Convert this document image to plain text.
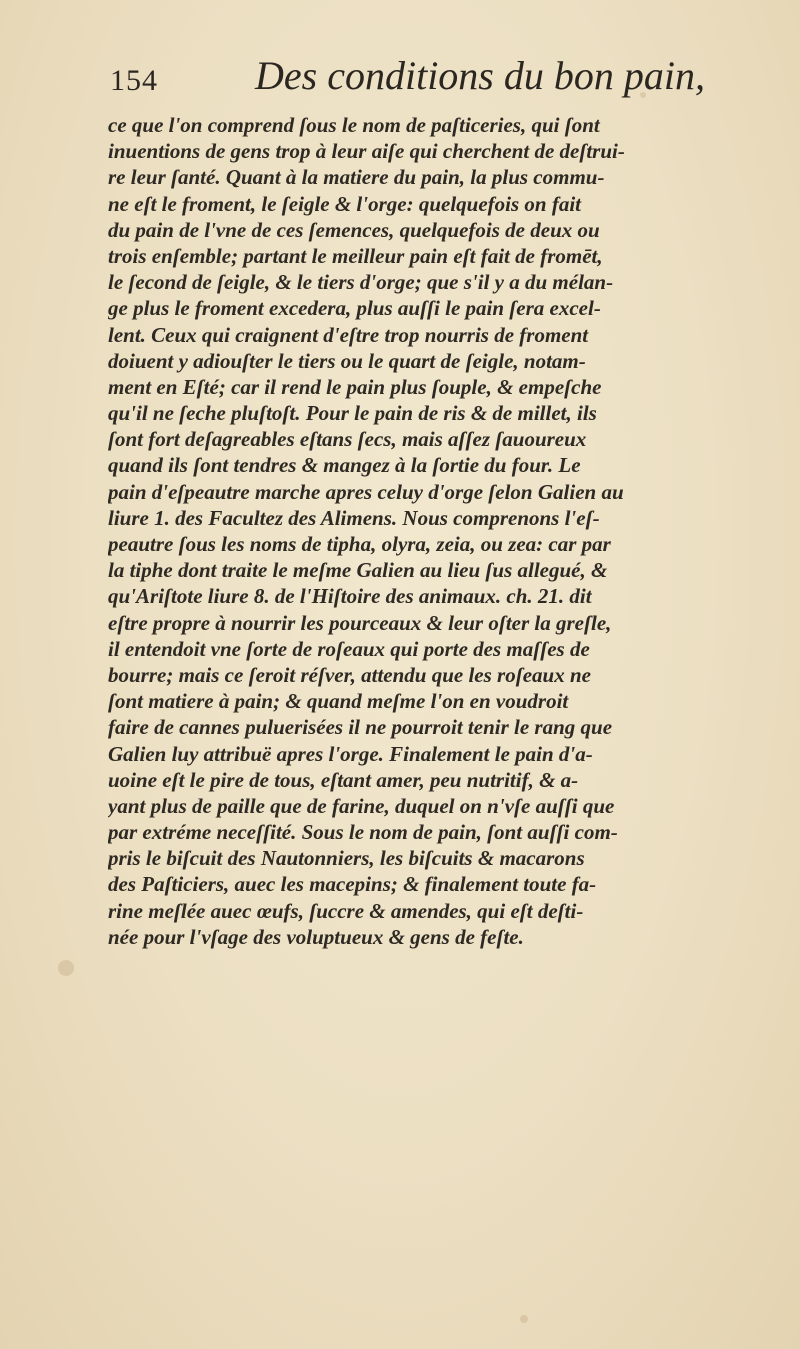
154 Des conditions du bon pain,
ce que l'on comprend ſous le nom de paſticeries, qui ſont
inuentions de gens trop à leur aiſe qui cherchent de deſtrui-
re leur ſanté. Quant à la matiere du pain, la plus commu-
ne eſt le froment, le ſeigle & l'orge: quelquefois on fait
du pain de l'vne de ces ſemences, quelquefois de deux ou
trois enſemble; partant le meilleur pain eſt fait de fromēt,
le ſecond de ſeigle, & le tiers d'orge; que s'il y a du mélan-
ge plus le froment excedera, plus auſſi le pain ſera excel-
lent. Ceux qui craignent d'eſtre trop nourris de froment
doiuent y adiouſter le tiers ou le quart de ſeigle, notam-
ment en Eſté; car il rend le pain plus ſouple, & empeſche
qu'il ne ſeche pluſtoſt. Pour le pain de ris & de millet, ils
ſont fort deſagreables eſtans ſecs, mais aſſez ſauoureux
quand ils ſont tendres & mangez à la ſortie du four. Le
pain d'eſpeautre marche apres celuy d'orge ſelon Galien au
liure 1. des Facultez des Alimens. Nous comprenons l'eſ-
peautre ſous les noms de tipha, olyra, zeia, ou zea: car par
la tiphe dont traite le meſme Galien au lieu ſus allegué, &
qu'Ariſtote liure 8. de l'Hiſtoire des animaux. ch. 21. dit
eſtre propre à nourrir les pourceaux & leur oſter la greſle,
il entendoit vne ſorte de roſeaux qui porte des maſſes de
bourre; mais ce ſeroit réſver, attendu que les roſeaux ne
ſont matiere à pain; & quand meſme l'on en voudroit
faire de cannes puluerisées il ne pourroit tenir le rang que
Galien luy attribuë apres l'orge. Finalement le pain d'a-
uoine eſt le pire de tous, eſtant amer, peu nutritif, & a-
yant plus de paille que de farine, duquel on n'vſe auſſi que
par extréme neceſſité. Sous le nom de pain, ſont auſſi com-
pris le biſcuit des Nautonniers, les biſcuits & macarons
des Paſticiers, auec les macepins; & finalement toute fa-
rine meſlée auec œufs, ſuccre & amendes, qui eſt deſti-
née pour l'vſage des voluptueux & gens de feſte.
